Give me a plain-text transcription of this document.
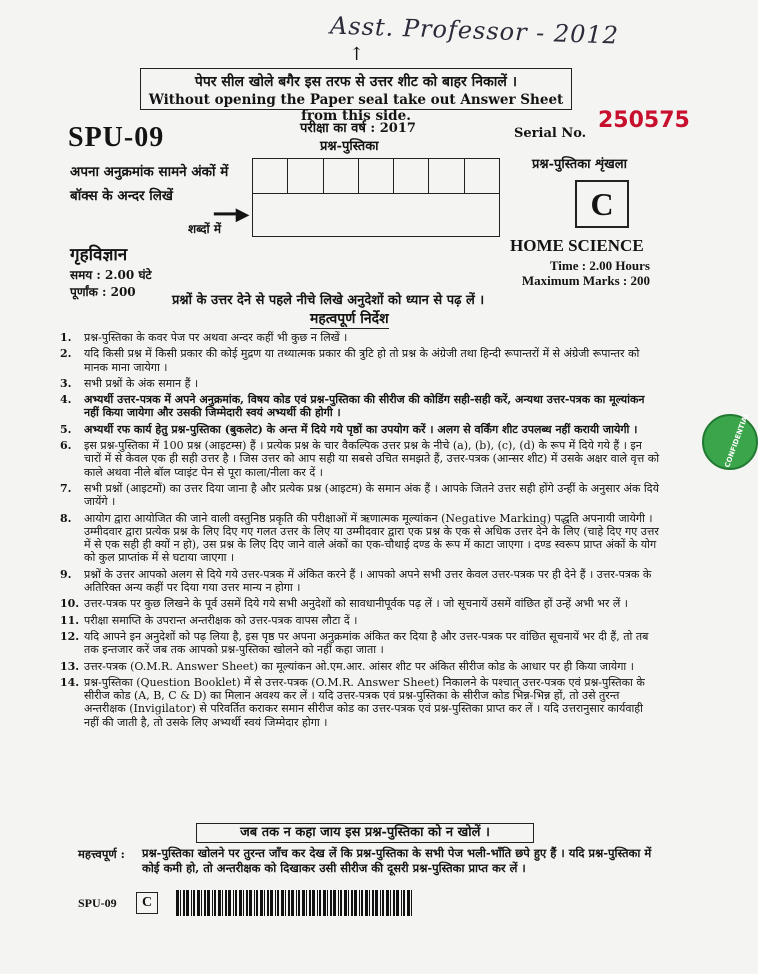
Asst. Professor - 2012
↑
पेपर सील खोले बगैर इस तरफ से उत्तर शीट को बाहर निकालें ।
Without opening the Paper seal take out Answer Sheet from this side.
SPU-09	परीक्षा का वर्ष : 2017
प्रश्न-पुस्तिका
Serial No.
250575
अपना अनुक्रमांक सामने अंकों में
बॉक्स के अन्दर लिखें
━━▶
शब्दों में
प्रश्न-पुस्तिका शृंखला
C
गृहविज्ञान
समय : 2.00 घंटे
पूर्णांक : 200
HOME SCIENCE
Time : 2.00 Hours
Maximum Marks : 200
प्रश्नों के उत्तर देने से पहले नीचे लिखे अनुदेशों को ध्यान से पढ़ लें ।
महत्वपूर्ण निर्देश
1.	प्रश्न-पुस्तिका के कवर पेज पर अथवा अन्दर कहीं भी कुछ न लिखें ।
2.	यदि किसी प्रश्न में किसी प्रकार की कोई मुद्रण या तथ्यात्मक प्रकार की त्रुटि हो तो प्रश्न के अंग्रेजी तथा हिन्दी रूपान्तरों में से अंग्रेजी रूपान्तर को मानक माना जायेगा ।
3.	सभी प्रश्नों के अंक समान हैं ।
4.	अभ्यर्थी उत्तर-पत्रक में अपने अनुक्रमांक, विषय कोड एवं प्रश्न-पुस्तिका की सीरीज की कोडिंग सही-सही करें, अन्यथा उत्तर-पत्रक का मूल्यांकन नहीं किया जायेगा और उसकी जिम्मेदारी स्वयं अभ्यर्थी की होगी ।
5.	अभ्यर्थी रफ कार्य हेतु प्रश्न-पुस्तिका (बुकलेट) के अन्त में दिये गये पृष्ठों का उपयोग करें । अलग से वर्किंग शीट उपलब्ध नहीं करायी जायेगी ।
6.	इस प्रश्न-पुस्तिका में 100 प्रश्न (आइटम्स) हैं । प्रत्येक प्रश्न के चार वैकल्पिक उत्तर प्रश्न के नीचे (a), (b), (c), (d) के रूप में दिये गये हैं । इन चारों में से केवल एक ही सही उत्तर है । जिस उत्तर को आप सही या सबसे उचित समझते हैं, उत्तर-पत्रक (आन्सर शीट) में उसके अक्षर वाले वृत्त को काले अथवा नीले बॉल प्वाइंट पेन से पूरा काला/नीला कर दें ।
7.	सभी प्रश्नों (आइटमों) का उत्तर दिया जाना है और प्रत्येक प्रश्न (आइटम) के समान अंक हैं । आपके जितने उत्तर सही होंगे उन्हीं के अनुसार अंक दिये जायेंगे ।
8.	आयोग द्वारा आयोजित की जाने वाली वस्तुनिष्ठ प्रकृति की परीक्षाओं में ऋणात्मक मूल्यांकन (Negative Marking) पद्धति अपनायी जायेगी । उम्मीदवार द्वारा प्रत्येक प्रश्न के लिए दिए गए गलत उत्तर के लिए या उम्मीदवार द्वारा एक प्रश्न के एक से अधिक उत्तर देने के लिए (चाहे दिए गए उत्तर में से एक सही ही क्यों न हो), उस प्रश्न के लिए दिए जाने वाले अंकों का एक-चौथाई दण्ड के रूप में काटा जाएगा । दण्ड स्वरूप प्राप्त अंकों के योग को कुल प्राप्तांक में से घटाया जाएगा ।
9.	प्रश्नों के उत्तर आपको अलग से दिये गये उत्तर-पत्रक में अंकित करने हैं । आपको अपने सभी उत्तर केवल उत्तर-पत्रक पर ही देने हैं । उत्तर-पत्रक के अतिरिक्त अन्य कहीं पर दिया गया उत्तर मान्य न होगा ।
10. उत्तर-पत्रक पर कुछ लिखने के पूर्व उसमें दिये गये सभी अनुदेशों को सावधानीपूर्वक पढ़ लें । जो सूचनायें उसमें वांछित हों उन्हें अभी भर लें ।
11. परीक्षा समाप्ति के उपरान्त अन्तरीक्षक को उत्तर-पत्रक वापस लौटा दें ।
12. यदि आपने इन अनुदेशों को पढ़ लिया है, इस पृष्ठ पर अपना अनुक्रमांक अंकित कर दिया है और उत्तर-पत्रक पर वांछित सूचनायें भर दी हैं, तो तब तक इन्तजार करें जब तक आपको प्रश्न-पुस्तिका खोलने को नहीं कहा जाता ।
13. उत्तर-पत्रक (O.M.R. Answer Sheet) का मूल्यांकन ओ.एम.आर. आंसर शीट पर अंकित सीरीज कोड के आधार पर ही किया जायेगा ।
14. प्रश्न-पुस्तिका (Question Booklet) में से उत्तर-पत्रक (O.M.R. Answer Sheet) निकालने के पश्चात् उत्तर-पत्रक एवं प्रश्न-पुस्तिका के सीरीज कोड (A, B, C & D) का मिलान अवश्य कर लें । यदि उत्तर-पत्रक एवं प्रश्न-पुस्तिका के सीरीज कोड भिन्न-भिन्न हों, तो उसे तुरन्त अन्तरीक्षक (Invigilator) से परिवर्तित कराकर समान सीरीज कोड का उत्तर-पत्रक एवं प्रश्न-पुस्तिका प्राप्त कर लें । यदि उत्तरानुसार कार्यवाही नहीं की जाती है, तो उसके लिए अभ्यर्थी स्वयं जिम्मेदार होगा ।
जब तक न कहा जाय इस प्रश्न-पुस्तिका को न खोलें ।
महत्त्वपूर्ण : प्रश्न-पुस्तिका खोलने पर तुरन्त जाँच कर देख लें कि प्रश्न-पुस्तिका के सभी पेज भली-भाँति छपे हुए हैं । यदि प्रश्न-पुस्तिका में कोई कमी हो, तो अन्तरीक्षक को दिखाकर उसी सीरीज की दूसरी प्रश्न-पुस्तिका प्राप्त कर लें ।
SPU-09	C
CONFIDENTIAL
